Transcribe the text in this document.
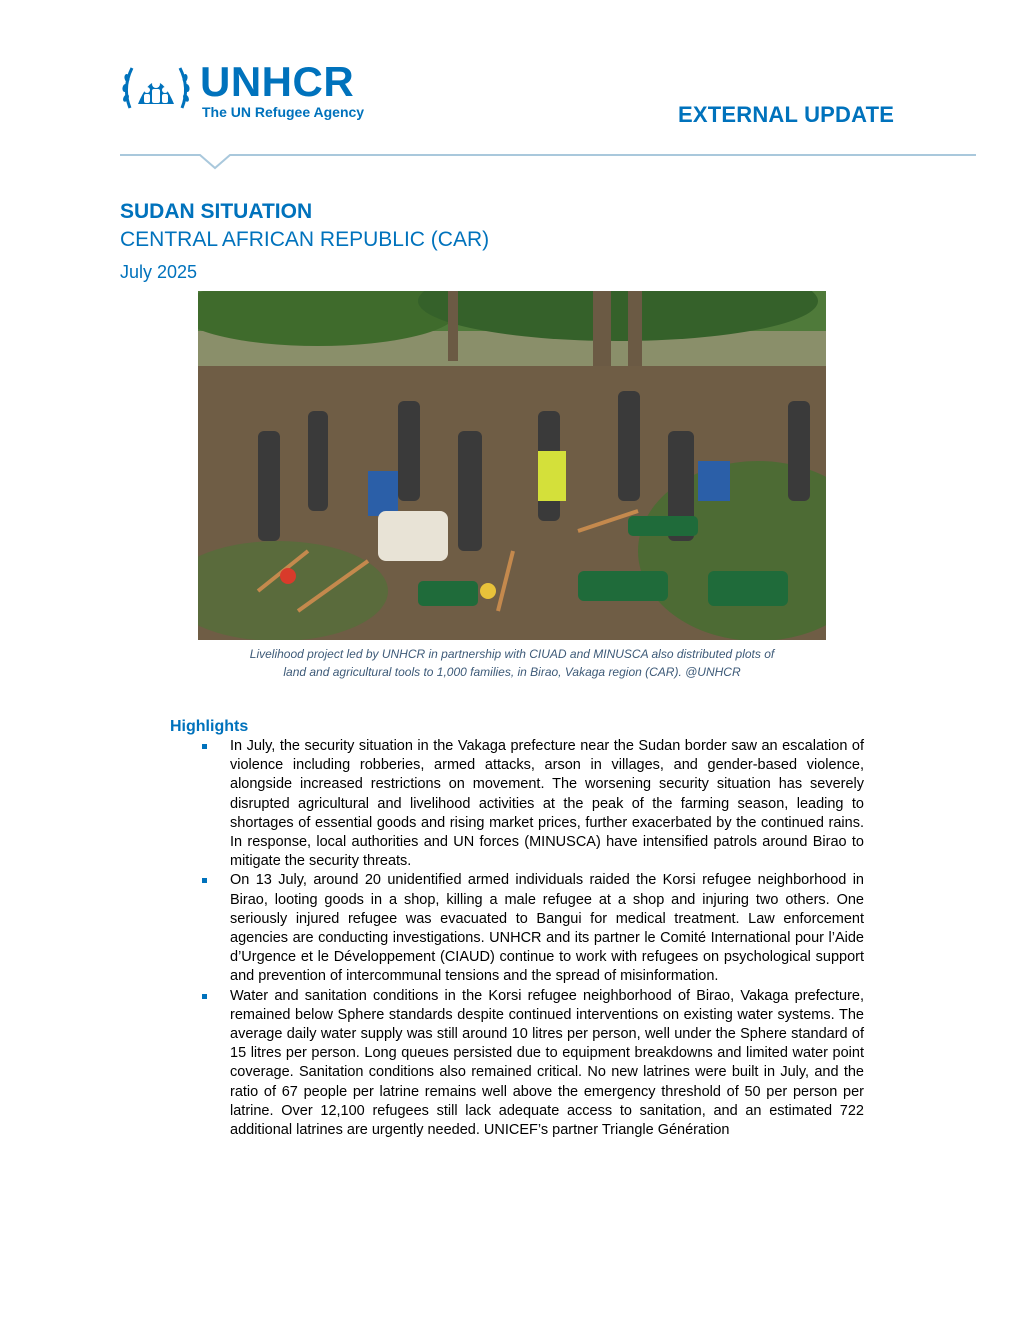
UNHCR
The UN Refugee Agency	EXTERNAL UPDATE
SUDAN SITUATION
CENTRAL AFRICAN REPUBLIC (CAR)
July 2025
Livelihood project led by UNHCR in partnership with CIUAD and MINUSCA also distributed plots of
land and agricultural tools to 1,000 families, in Birao, Vakaga region (CAR). @UNHCR
Highlights
In July, the security situation in the Vakaga prefecture near the Sudan border saw an escalation of violence including robberies, armed attacks, arson in villages, and gender-based violence, alongside increased restrictions on movement. The worsening security situation has severely disrupted agricultural and livelihood activities at the peak of the farming season, leading to shortages of essential goods and rising market prices, further exacerbated by the continued rains. In response, local authorities and UN forces (MINUSCA) have intensified patrols around Birao to mitigate the security threats.
On 13 July, around 20 unidentified armed individuals raided the Korsi refugee neighborhood in Birao, looting goods in a shop, killing a male refugee at a shop and injuring two others. One seriously injured refugee was evacuated to Bangui for medical treatment. Law enforcement agencies are conducting investigations. UNHCR and its partner le Comité International pour l’Aide d’Urgence et le Développement (CIAUD) continue to work with refugees on psychological support and prevention of intercommunal tensions and the spread of misinformation.
Water and sanitation conditions in the Korsi refugee neighborhood of Birao, Vakaga prefecture, remained below Sphere standards despite continued interventions on existing water systems. The average daily water supply was still around 10 litres per person, well under the Sphere standard of 15 litres per person. Long queues persisted due to equipment breakdowns and limited water point coverage. Sanitation conditions also remained critical. No new latrines were built in July, and the ratio of 67 people per latrine remains well above the emergency threshold of 50 per person per latrine. Over 12,100 refugees still lack adequate access to sanitation, and an estimated 722 additional latrines are urgently needed. UNICEF’s partner Triangle Génération
